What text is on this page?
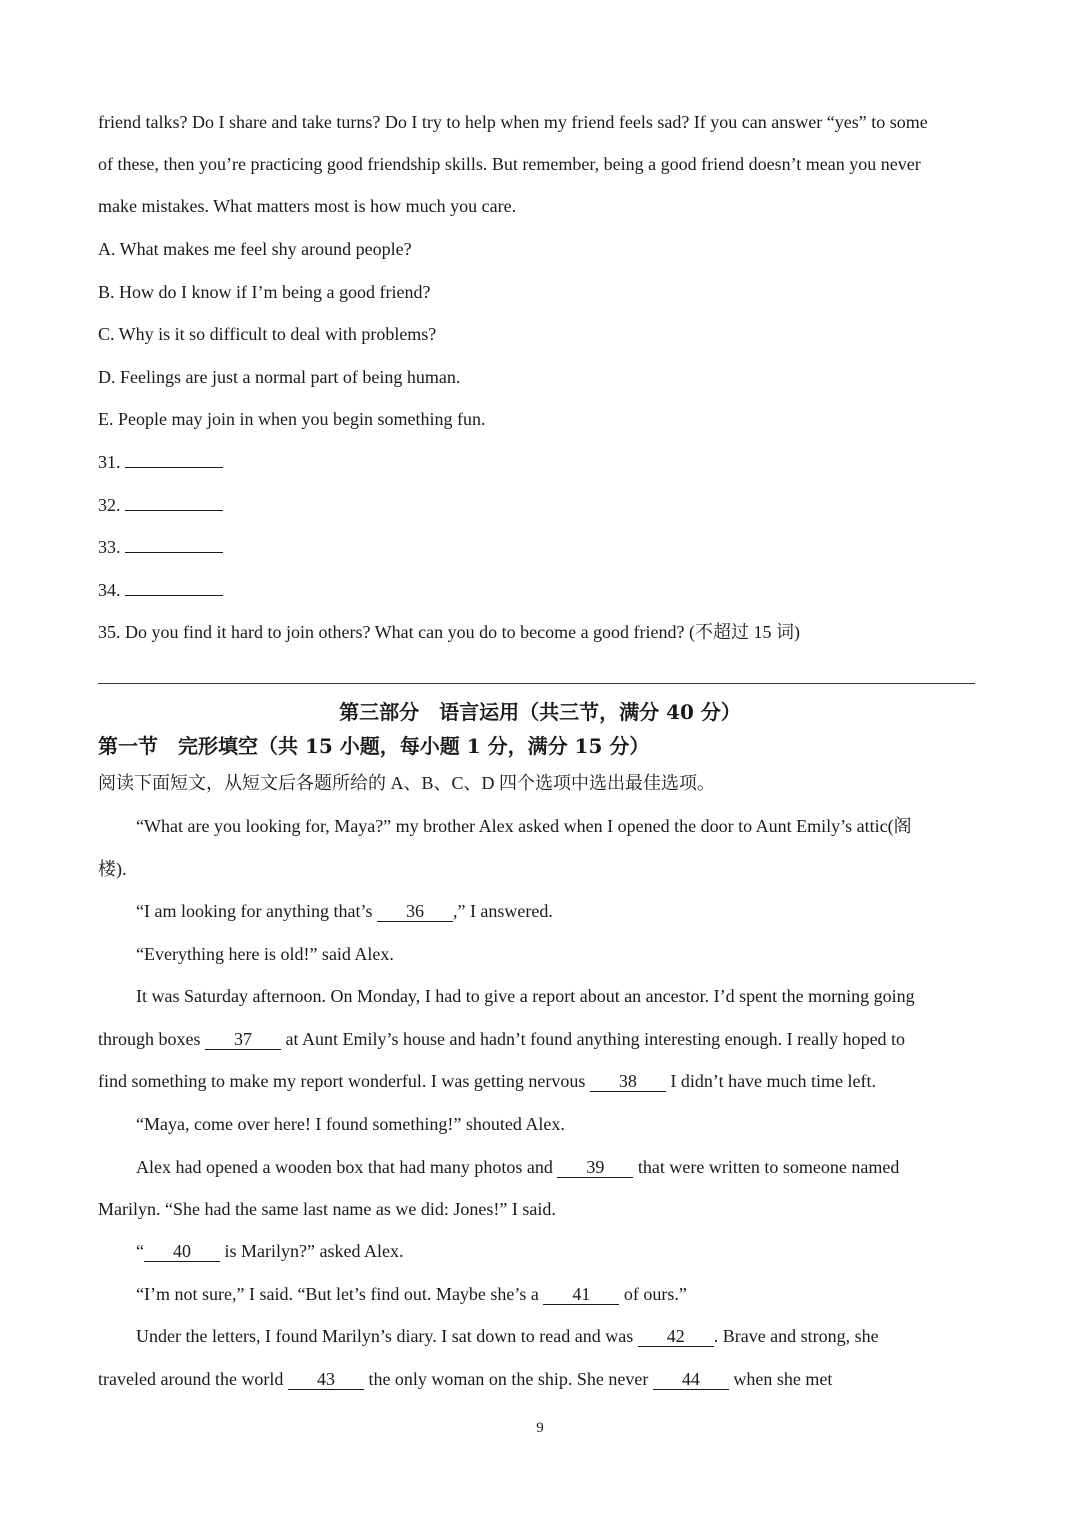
friend talks? Do I share and take turns? Do I try to help when my friend feels sad? If you can answer “yes” to some
of these, then you’re practicing good friendship skills. But remember, being a good friend doesn’t mean you never
make mistakes. What matters most is how much you care.
A. What makes me feel shy around people?
B. How do I know if I’m being a good friend?
C. Why is it so difficult to deal with problems?
D. Feelings are just a normal part of being human.
E. People may join in when you begin something fun.
31.
32.
33.
34.
35. Do you find it hard to join others? What can you do to become a good friend? (不超过 15 词)
第三部分　语言运用（共三节，满分 40 分）
第一节　完形填空（共 15 小题，每小题 1 分，满分 15 分）
阅读下面短文，从短文后各题所给的 A、B、C、D 四个选项中选出最佳选项。
“What are you looking for, Maya?” my brother Alex asked when I opened the door to Aunt Emily’s attic(阁
楼).
“I am looking for anything that’s 36 ,” I answered.
“Everything here is old!” said Alex.
It was Saturday afternoon. On Monday, I had to give a report about an ancestor. I’d spent the morning going
through boxes 37 at Aunt Emily’s house and hadn’t found anything interesting enough. I really hoped to
find something to make my report wonderful. I was getting nervous 38 I didn’t have much time left.
“Maya, come over here! I found something!” shouted Alex.
Alex had opened a wooden box that had many photos and 39 that were written to someone named
Marilyn. “She had the same last name as we did: Jones!” I said.
“ 40 is Marilyn?” asked Alex.
“I’m not sure,” I said. “But let’s find out. Maybe she’s a 41 of ours.”
Under the letters, I found Marilyn’s diary. I sat down to read and was 42 . Brave and strong, she
traveled around the world 43 the only woman on the ship. She never 44 when she met
9
